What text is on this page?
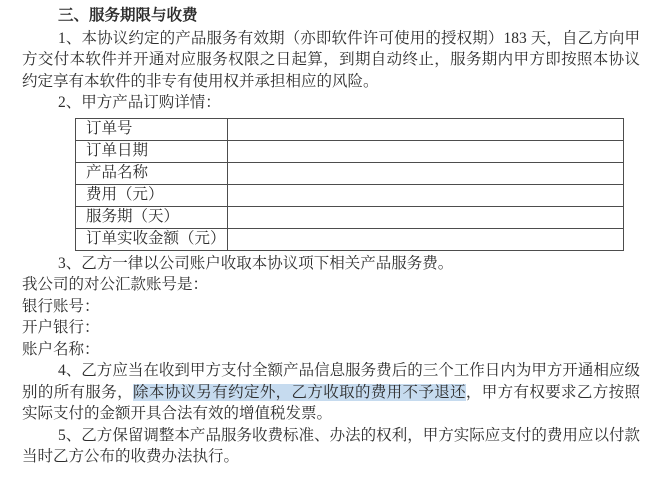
三、服务期限与收费

1、本协议约定的产品服务有效期（亦即软件许可使用的授权期）183 天，自乙方向甲方交付本软件并开通对应服务权限之日起算，到期自动终止，服务期内甲方即按照本协议约定享有本软件的非专有使用权并承担相应的风险。

2、甲方产品订购详情：

订单号	
订单日期	
产品名称	
费用（元）	
服务期（天）	
订单实收金额（元）	

3、乙方一律以公司账户收取本协议项下相关产品服务费。

我公司的对公汇款账号是：

银行账号：

开户银行：

账户名称：

4、乙方应当在收到甲方支付全额产品信息服务费后的三个工作日内为甲方开通相应级别的所有服务，除本协议另有约定外，乙方收取的费用不予退还，甲方有权要求乙方按照实际支付的金额开具合法有效的增值税发票。

5、乙方保留调整本产品服务收费标准、办法的权利，甲方实际应支付的费用应以付款当时乙方公布的收费办法执行。
